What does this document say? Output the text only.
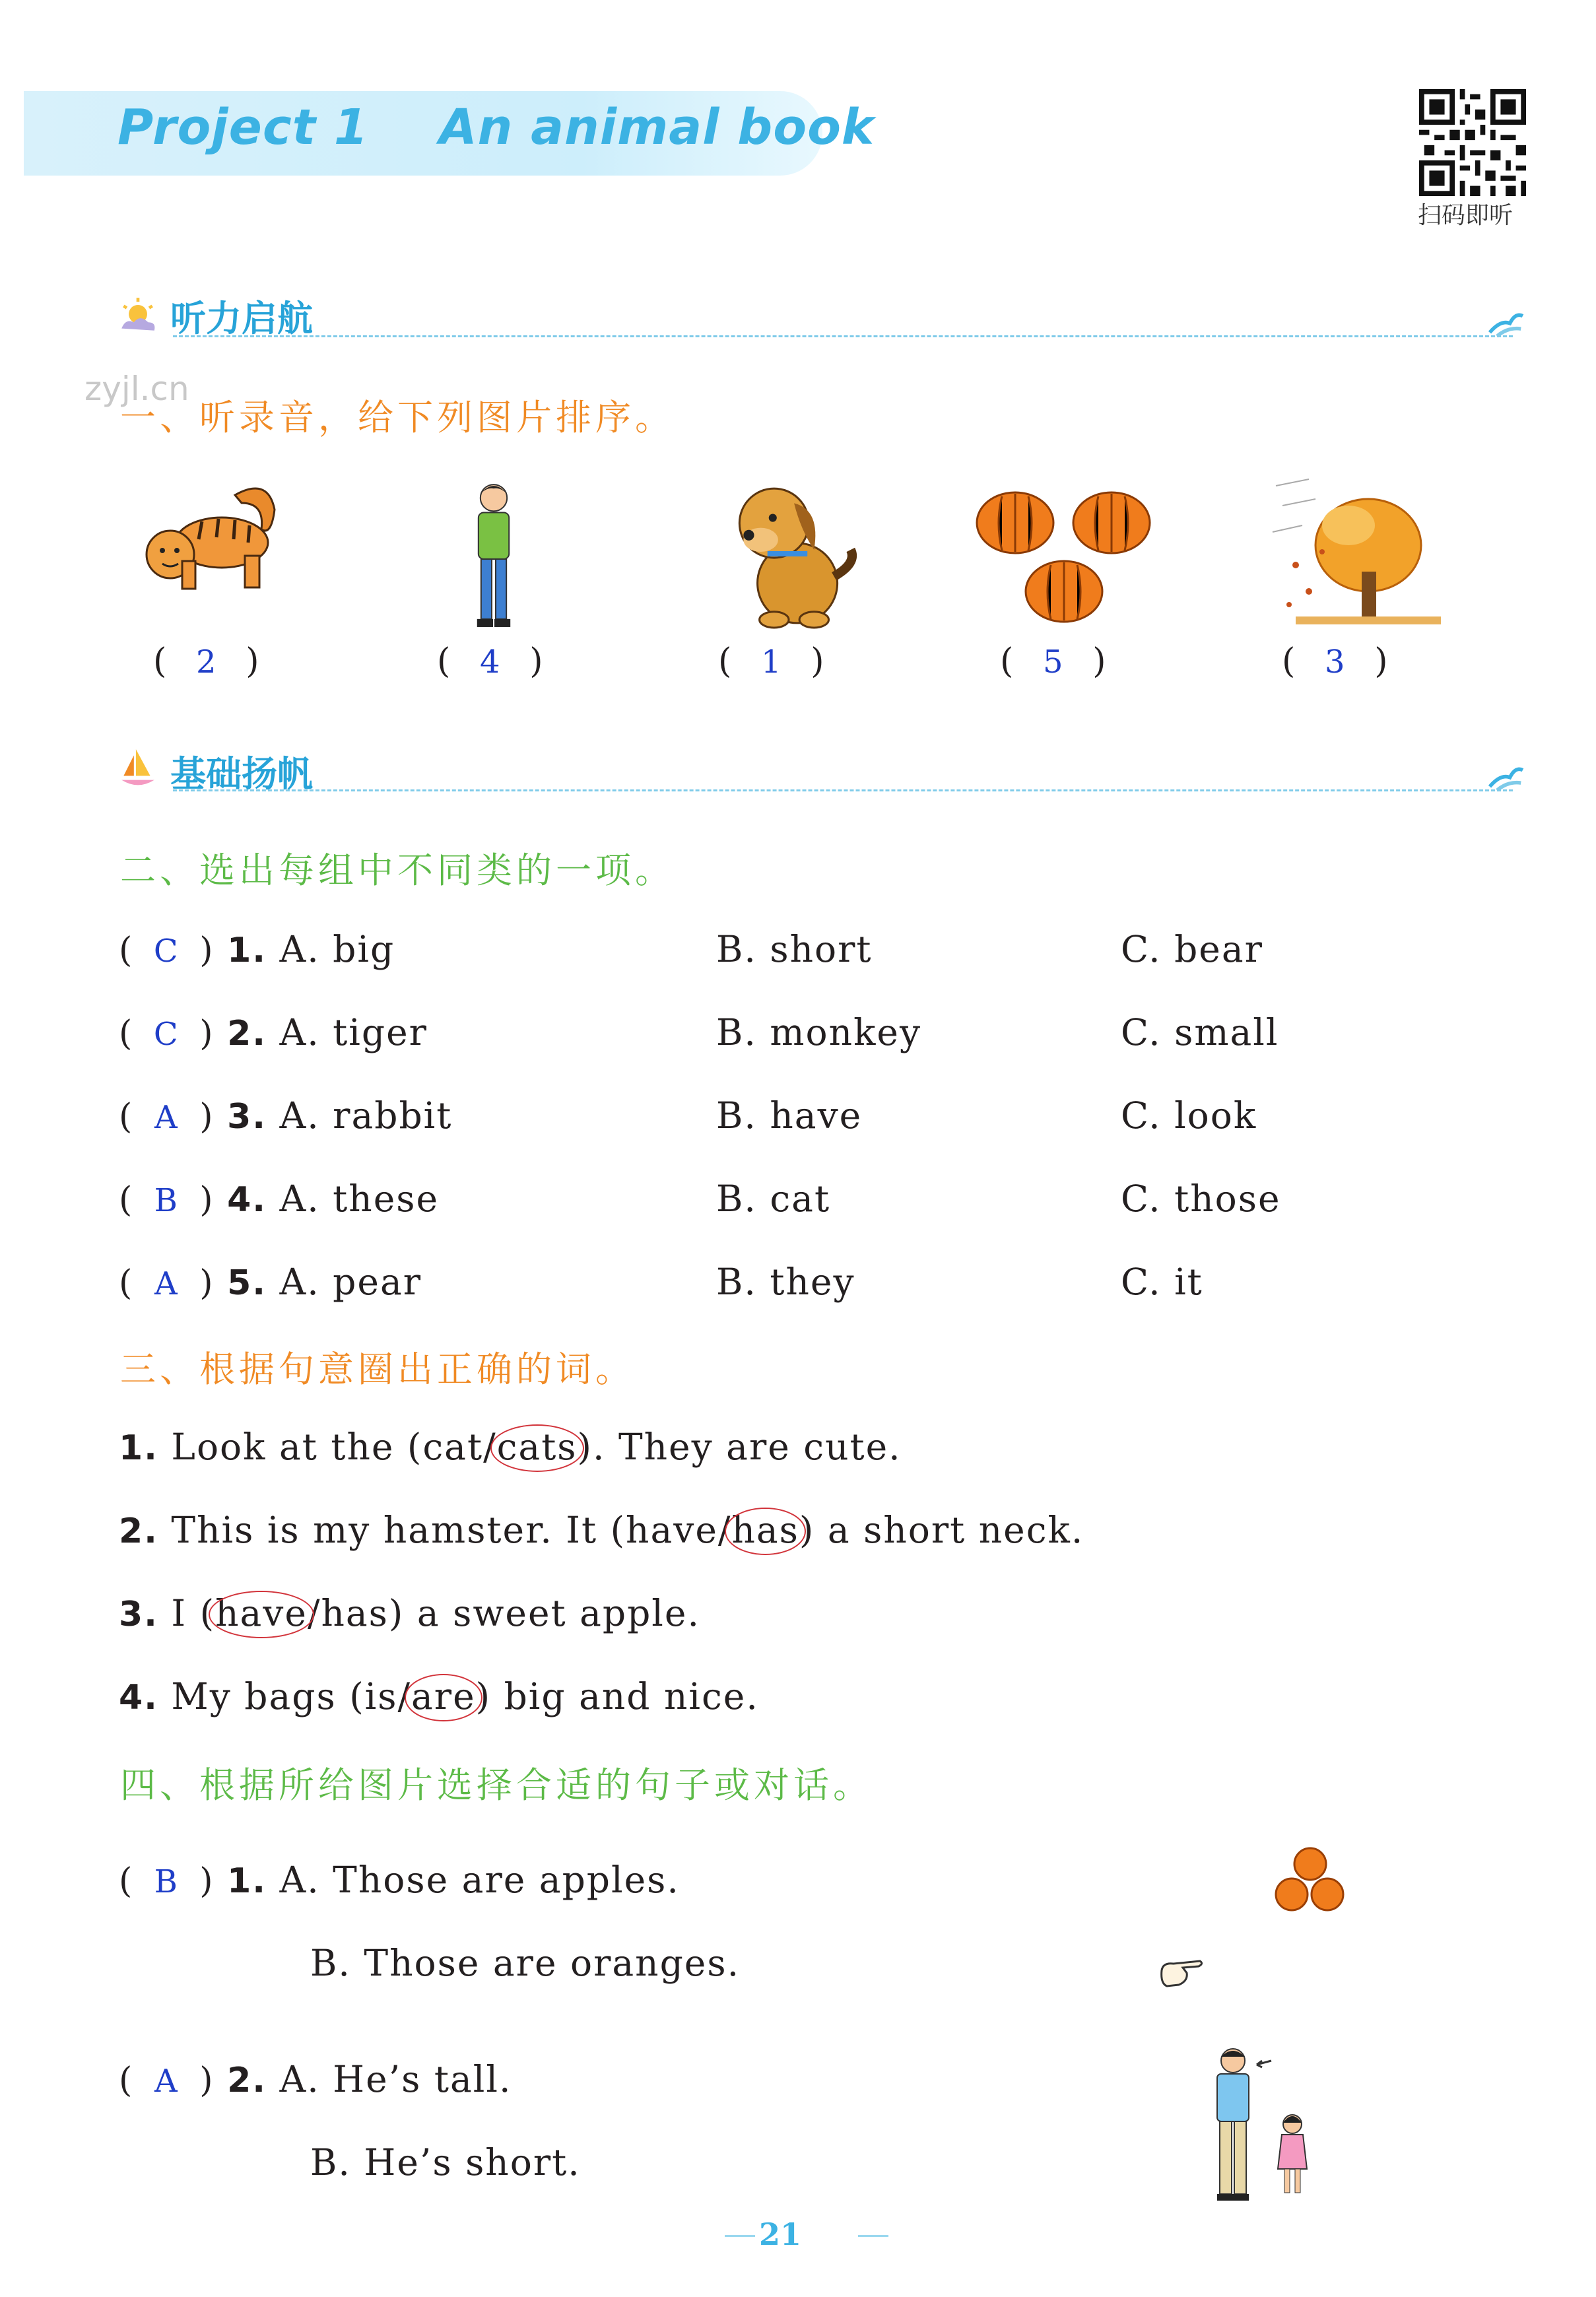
Project 1 An animal book
扫码即听
zyjl.cn
听力启航
一、听录音，给下列图片排序。
( 2 )	( 4 )	( 1 )	( 5 )	( 3 )
基础扬帆
二、选出每组中不同类的一项。
( C ) 1. A. big	B. short	C. bear
( C ) 2. A. tiger	B. monkey	C. small
( A ) 3. A. rabbit	B. have	C. look
( B ) 4. A. these	B. cat	C. those
( A ) 5. A. pear	B. they	C. it
三、根据句意圈出正确的词。
1. Look at the (cat/cats
). They are cute.
2. This is my hamster. It (have/has
) a short neck.
3. I (have
/has) a sweet apple.
4. My bags (is/are
) big and nice.
四、根据所给图片选择合适的句子或对话。
( B ) 1. A. Those are apples.
B. Those are oranges.
( A ) 2. A. He’s tall.
B. He’s short.
21
